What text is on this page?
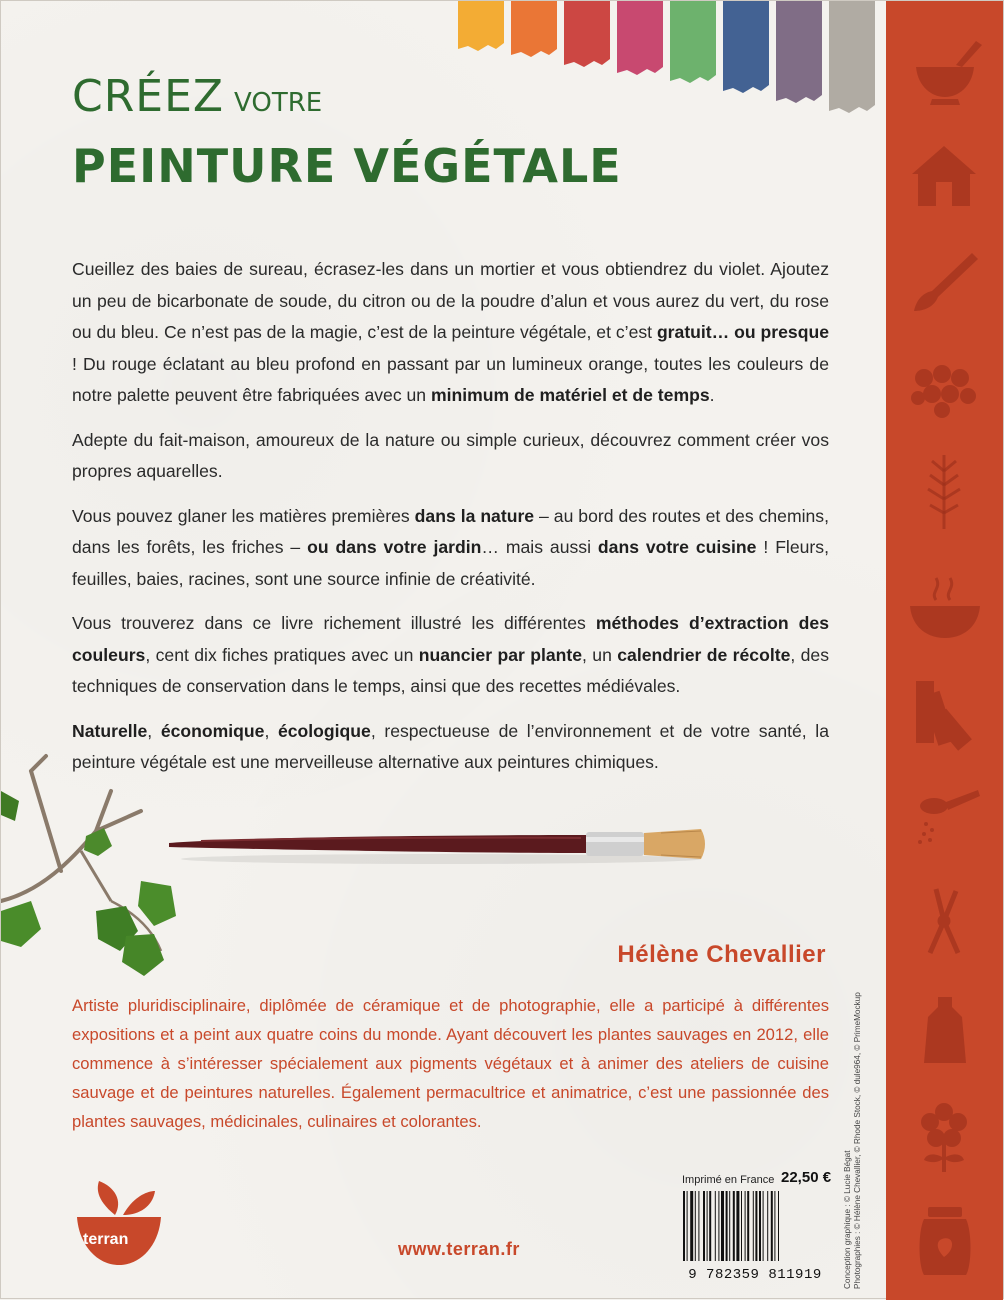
CRÉEZ VOTRE
PEINTURE VÉGÉTALE

Cueillez des baies de sureau, écrasez-les dans un mortier et vous obtiendrez du violet. Ajoutez un peu de bicarbonate de soude, du citron ou de la poudre d’alun et vous aurez du vert, du rose ou du bleu. Ce n’est pas de la magie, c’est de la peinture végétale, et c’est gratuit… ou presque ! Du rouge éclatant au bleu profond en passant par un lumineux orange, toutes les couleurs de notre palette peuvent être fabriquées avec un minimum de matériel et de temps.

Adepte du fait-maison, amoureux de la nature ou simple curieux, découvrez comment créer vos propres aquarelles.

Vous pouvez glaner les matières premières dans la nature – au bord des routes et des chemins, dans les forêts, les friches – ou dans votre jardin… mais aussi dans votre cuisine ! Fleurs, feuilles, baies, racines, sont une source infinie de créativité.

Vous trouverez dans ce livre richement illustré les différentes méthodes d’extraction des couleurs, cent dix fiches pratiques avec un nuancier par plante, un calendrier de récolte, des techniques de conservation dans le temps, ainsi que des recettes médiévales.

Naturelle, économique, écologique, respectueuse de l’environnement et de votre santé, la peinture végétale est une merveilleuse alternative aux peintures chimiques.

Hélène Chevallier
Artiste pluridisciplinaire, diplômée de céramique et de photographie, elle a participé à différentes expositions et a peint aux quatre coins du monde. Ayant découvert les plantes sauvages en 2012, elle commence à s’intéresser spécialement aux pigments végétaux et à animer des ateliers de cuisine sauvage et de peintures naturelles. Également permacultrice et animatrice, c’est une passionnée des plantes sauvages, médicinales, culinaires et colorantes.
terran	www.terran.fr
Imprimé en France 22,50 €
9 782359 811919	Conception graphique : © Lucie Bégat Photographies : © Hélène Chevallier, © Rhode Stock, © dule964, © PrimeMockup
